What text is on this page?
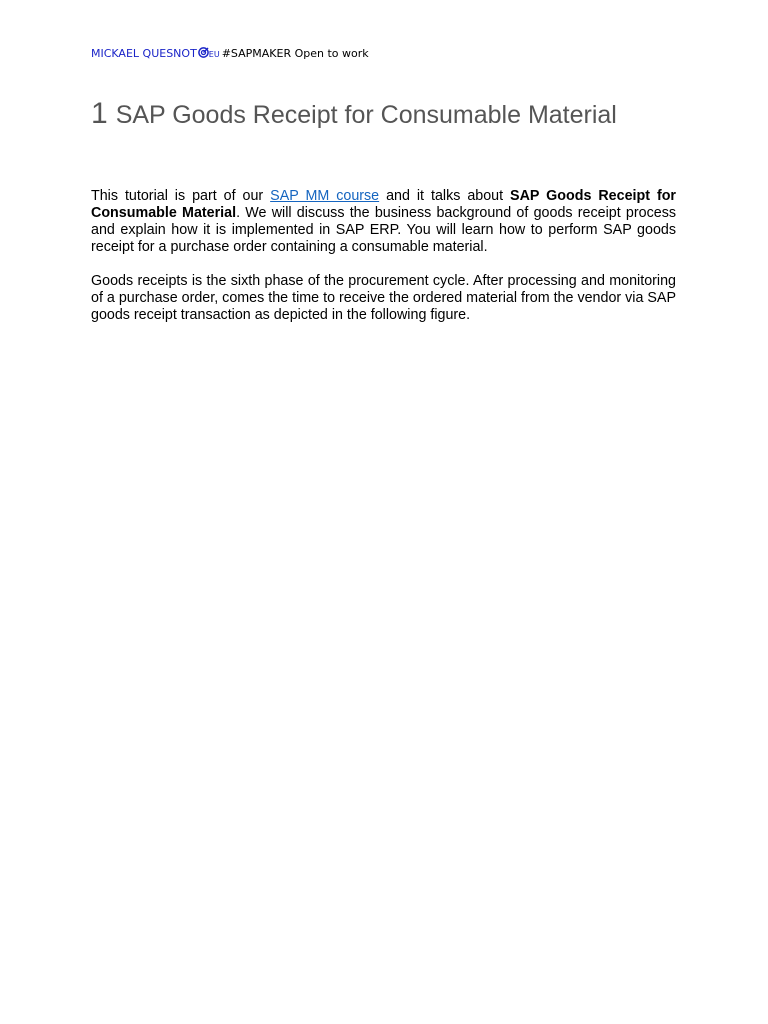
MICKAEL QUESNOT EU #SAPMAKER Open to work
1 SAP Goods Receipt for Consumable Material

This tutorial is part of our SAP MM course and it talks about SAP Goods Receipt for Consumable Material. We will discuss the business background of goods receipt process and explain how it is implemented in SAP ERP. You will learn how to perform SAP goods receipt for a purchase order containing a consumable material.

Goods receipts is the sixth phase of the procurement cycle. After processing and monitoring of a purchase order, comes the time to receive the ordered material from the vendor via SAP goods receipt transaction as depicted in the following figure.
